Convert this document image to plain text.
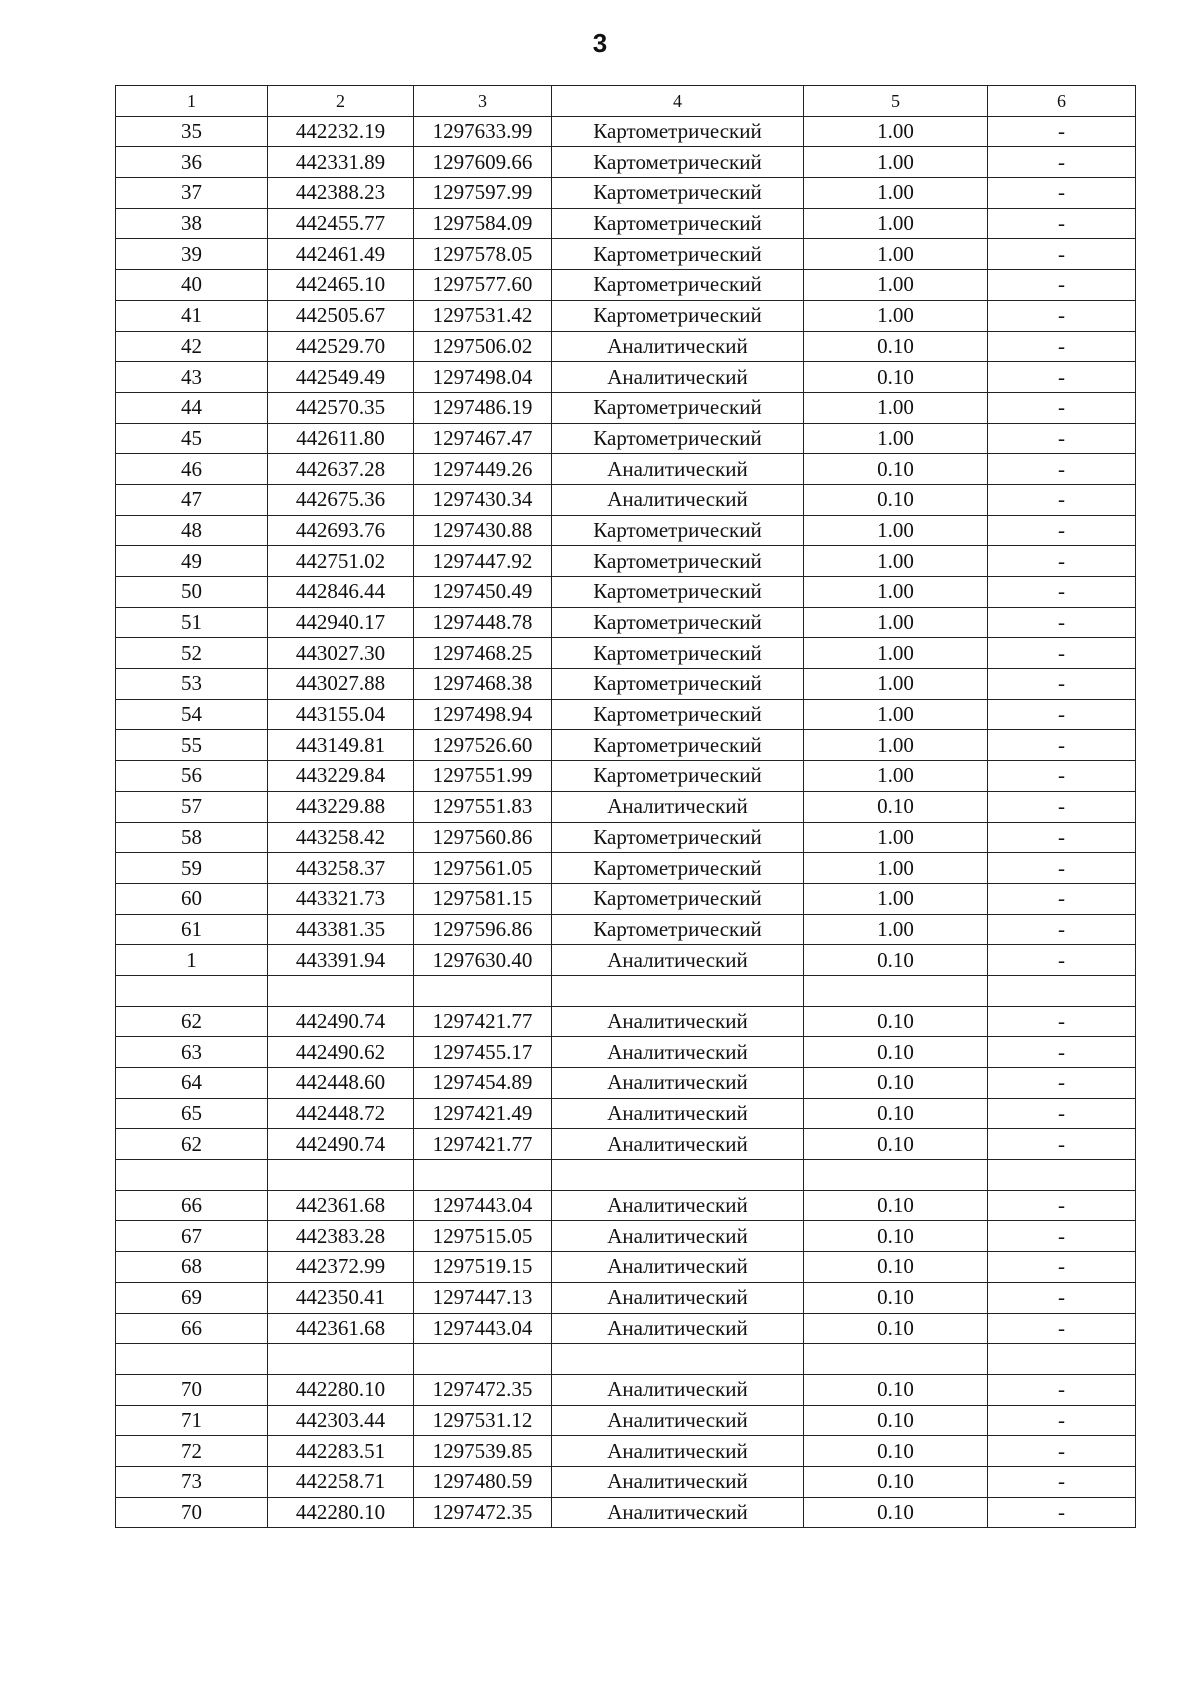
3
1	2	3	4	5	6
35	442232.19	1297633.99	Картометрический	1.00	-
36	442331.89	1297609.66	Картометрический	1.00	-
37	442388.23	1297597.99	Картометрический	1.00	-
38	442455.77	1297584.09	Картометрический	1.00	-
39	442461.49	1297578.05	Картометрический	1.00	-
40	442465.10	1297577.60	Картометрический	1.00	-
41	442505.67	1297531.42	Картометрический	1.00	-
42	442529.70	1297506.02	Аналитический	0.10	-
43	442549.49	1297498.04	Аналитический	0.10	-
44	442570.35	1297486.19	Картометрический	1.00	-
45	442611.80	1297467.47	Картометрический	1.00	-
46	442637.28	1297449.26	Аналитический	0.10	-
47	442675.36	1297430.34	Аналитический	0.10	-
48	442693.76	1297430.88	Картометрический	1.00	-
49	442751.02	1297447.92	Картометрический	1.00	-
50	442846.44	1297450.49	Картометрический	1.00	-
51	442940.17	1297448.78	Картометрический	1.00	-
52	443027.30	1297468.25	Картометрический	1.00	-
53	443027.88	1297468.38	Картометрический	1.00	-
54	443155.04	1297498.94	Картометрический	1.00	-
55	443149.81	1297526.60	Картометрический	1.00	-
56	443229.84	1297551.99	Картометрический	1.00	-
57	443229.88	1297551.83	Аналитический	0.10	-
58	443258.42	1297560.86	Картометрический	1.00	-
59	443258.37	1297561.05	Картометрический	1.00	-
60	443321.73	1297581.15	Картометрический	1.00	-
61	443381.35	1297596.86	Картометрический	1.00	-
1	443391.94	1297630.40	Аналитический	0.10	-

62	442490.74	1297421.77	Аналитический	0.10	-
63	442490.62	1297455.17	Аналитический	0.10	-
64	442448.60	1297454.89	Аналитический	0.10	-
65	442448.72	1297421.49	Аналитический	0.10	-
62	442490.74	1297421.77	Аналитический	0.10	-

66	442361.68	1297443.04	Аналитический	0.10	-
67	442383.28	1297515.05	Аналитический	0.10	-
68	442372.99	1297519.15	Аналитический	0.10	-
69	442350.41	1297447.13	Аналитический	0.10	-
66	442361.68	1297443.04	Аналитический	0.10	-

70	442280.10	1297472.35	Аналитический	0.10	-
71	442303.44	1297531.12	Аналитический	0.10	-
72	442283.51	1297539.85	Аналитический	0.10	-
73	442258.71	1297480.59	Аналитический	0.10	-
70	442280.10	1297472.35	Аналитический	0.10	-
